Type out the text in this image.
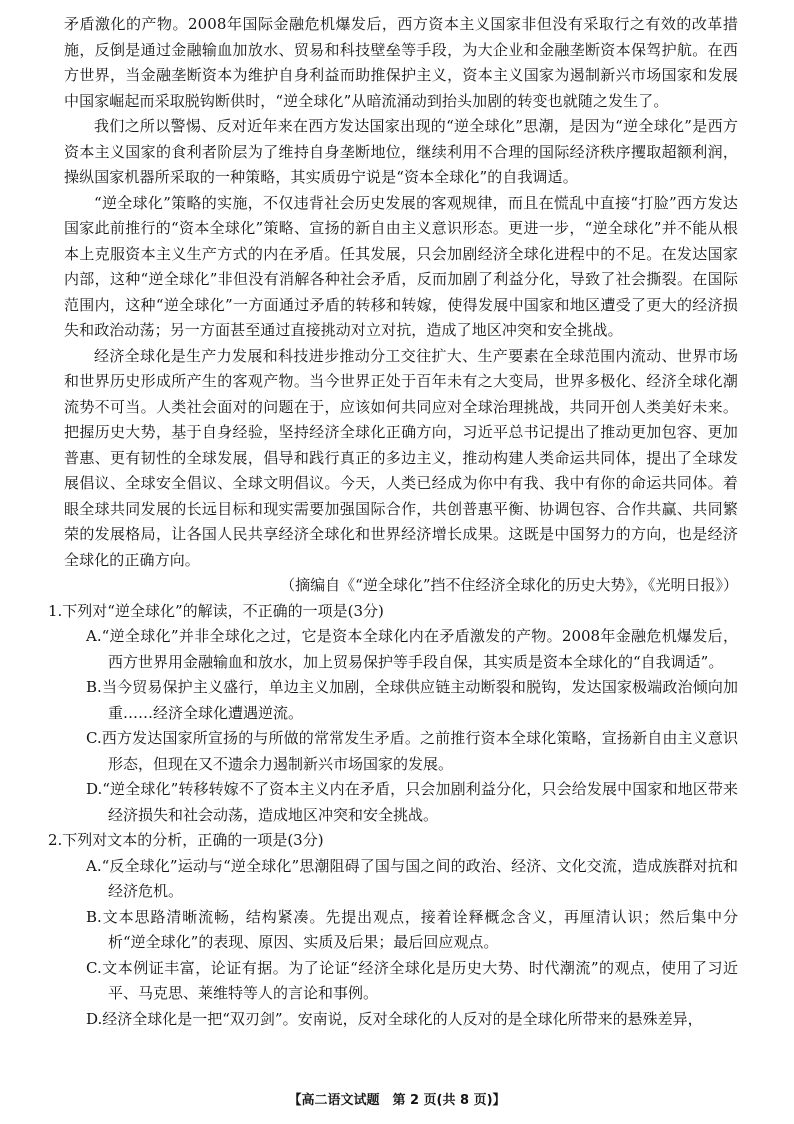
矛盾激化的产物。2008年国际金融危机爆发后，西方资本主义国家非但没有采取行之有效的改革措施，反倒是通过金融输血加放水、贸易和科技壁垒等手段，为大企业和金融垄断资本保驾护航。在西方世界，当金融垄断资本为维护自身利益而助推保护主义，资本主义国家为遏制新兴市场国家和发展中国家崛起而采取脱钩断供时，“逆全球化”从暗流涌动到抬头加剧的转变也就随之发生了。

我们之所以警惕、反对近年来在西方发达国家出现的“逆全球化”思潮，是因为“逆全球化”是西方资本主义国家的食利者阶层为了维持自身垄断地位，继续利用不合理的国际经济秩序攫取超额利润，操纵国家机器所采取的一种策略，其实质毋宁说是“资本全球化”的自我调适。

“逆全球化”策略的实施，不仅违背社会历史发展的客观规律，而且在慌乱中直接“打脸”西方发达国家此前推行的“资本全球化”策略、宣扬的新自由主义意识形态。更进一步，“逆全球化”并不能从根本上克服资本主义生产方式的内在矛盾。任其发展，只会加剧经济全球化进程中的不足。在发达国家内部，这种“逆全球化”非但没有消解各种社会矛盾，反而加剧了利益分化，导致了社会撕裂。在国际范围内，这种“逆全球化”一方面通过矛盾的转移和转嫁，使得发展中国家和地区遭受了更大的经济损失和政治动荡；另一方面甚至通过直接挑动对立对抗，造成了地区冲突和安全挑战。

经济全球化是生产力发展和科技进步推动分工交往扩大、生产要素在全球范围内流动、世界市场和世界历史形成所产生的客观产物。当今世界正处于百年未有之大变局，世界多极化、经济全球化潮流势不可当。人类社会面对的问题在于，应该如何共同应对全球治理挑战，共同开创人类美好未来。把握历史大势，基于自身经验，坚持经济全球化正确方向，习近平总书记提出了推动更加包容、更加普惠、更有韧性的全球发展，倡导和践行真正的多边主义，推动构建人类命运共同体，提出了全球发展倡议、全球安全倡议、全球文明倡议。今天，人类已经成为你中有我、我中有你的命运共同体。着眼全球共同发展的长远目标和现实需要加强国际合作，共创普惠平衡、协调包容、合作共赢、共同繁荣的发展格局，让各国人民共享经济全球化和世界经济增长成果。这既是中国努力的方向，也是经济全球化的正确方向。

（摘编自《“逆全球化”挡不住经济全球化的历史大势》，《光明日报》）

1.下列对“逆全球化”的解读，不正确的一项是(3分)

A.“逆全球化”并非全球化之过，它是资本全球化内在矛盾激发的产物。2008年金融危机爆发后，西方世界用金融输血和放水，加上贸易保护等手段自保，其实质是资本全球化的“自我调适”。

B.当今贸易保护主义盛行，单边主义加剧，全球供应链主动断裂和脱钩，发达国家极端政治倾向加重……经济全球化遭遇逆流。

C.西方发达国家所宣扬的与所做的常常发生矛盾。之前推行资本全球化策略，宣扬新自由主义意识形态，但现在又不遗余力遏制新兴市场国家的发展。

D.“逆全球化”转移转嫁不了资本主义内在矛盾，只会加剧利益分化，只会给发展中国家和地区带来经济损失和社会动荡，造成地区冲突和安全挑战。

2.下列对文本的分析，正确的一项是(3分)

A.“反全球化”运动与“逆全球化”思潮阻碍了国与国之间的政治、经济、文化交流，造成族群对抗和经济危机。

B.文本思路清晰流畅，结构紧凑。先提出观点，接着诠释概念含义，再厘清认识；然后集中分析“逆全球化”的表现、原因、实质及后果；最后回应观点。

C.文本例证丰富，论证有据。为了论证“经济全球化是历史大势、时代潮流”的观点，使用了习近平、马克思、莱维特等人的言论和事例。

D.经济全球化是一把“双刃剑”。安南说，反对全球化的人反对的是全球化所带来的悬殊差异，

【高二语文试题　第 2 页(共 8 页)】
